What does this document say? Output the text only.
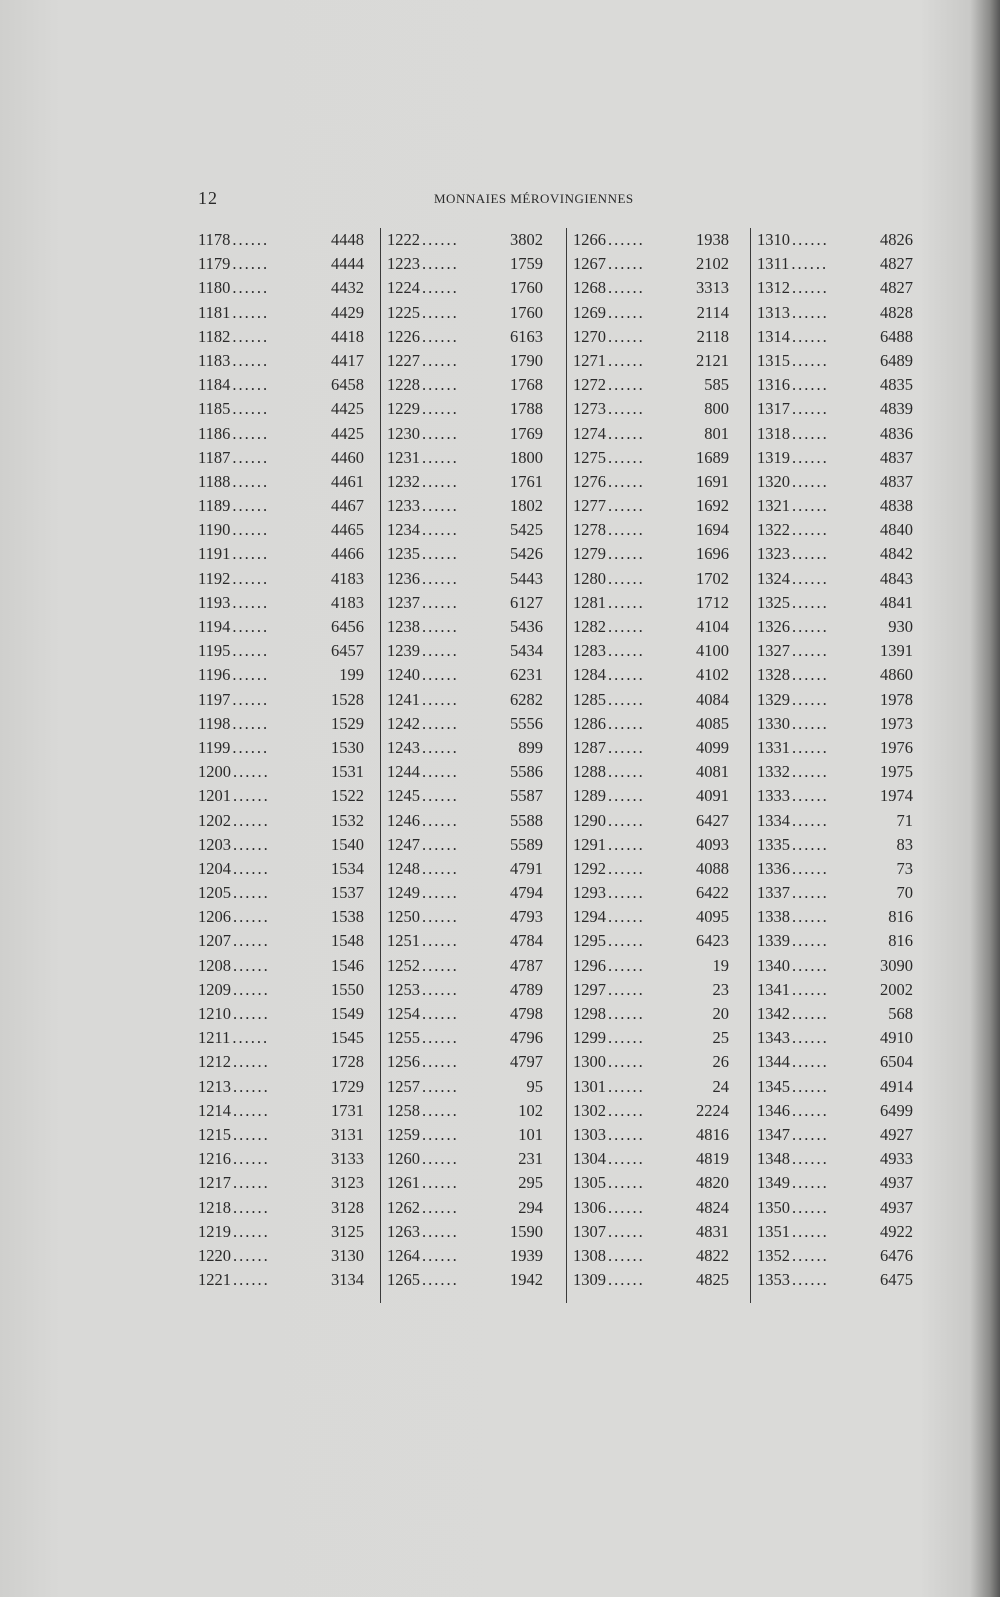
12	MONNAIES MÉROVINGIENNES
1178 ......	4448
1179 ......	4444
1180 ......	4432
1181 ......	4429
1182 ......	4418
1183 ......	4417
1184 ......	6458
1185 ......	4425
1186 ......	4425
1187 ......	4460
1188 ......	4461
1189 ......	4467
1190 ......	4465
1191 ......	4466
1192 ......	4183
1193 ......	4183
1194 ......	6456
1195 ......	6457
1196 ......	199
1197 ......	1528
1198 ......	1529
1199 ......	1530
1200 ......	1531
1201 ......	1522
1202 ......	1532
1203 ......	1540
1204 ......	1534
1205 ......	1537
1206 ......	1538
1207 ......	1548
1208 ......	1546
1209 ......	1550
1210 ......	1549
1211 ......	1545
1212 ......	1728
1213 ......	1729
1214 ......	1731
1215 ......	3131
1216 ......	3133
1217 ......	3123
1218 ......	3128
1219 ......	3125
1220 ......	3130
1221 ......	3134
1222 ......	3802
1223 ......	1759
1224 ......	1760
1225 ......	1760
1226 ......	6163
1227 ......	1790
1228 ......	1768
1229 ......	1788
1230 ......	1769
1231 ......	1800
1232 ......	1761
1233 ......	1802
1234 ......	5425
1235 ......	5426
1236 ......	5443
1237 ......	6127
1238 ......	5436
1239 ......	5434
1240 ......	6231
1241 ......	6282
1242 ......	5556
1243 ......	899
1244 ......	5586
1245 ......	5587
1246 ......	5588
1247 ......	5589
1248 ......	4791
1249 ......	4794
1250 ......	4793
1251 ......	4784
1252 ......	4787
1253 ......	4789
1254 ......	4798
1255 ......	4796
1256 ......	4797
1257 ......	95
1258 ......	102
1259 ......	101
1260 ......	231
1261 ......	295
1262 ......	294
1263 ......	1590
1264 ......	1939
1265 ......	1942
1266 ......	1938
1267 ......	2102
1268 ......	3313
1269 ......	2114
1270 ......	2118
1271 ......	2121
1272 ......	585
1273 ......	800
1274 ......	801
1275 ......	1689
1276 ......	1691
1277 ......	1692
1278 ......	1694
1279 ......	1696
1280 ......	1702
1281 ......	1712
1282 ......	4104
1283 ......	4100
1284 ......	4102
1285 ......	4084
1286 ......	4085
1287 ......	4099
1288 ......	4081
1289 ......	4091
1290 ......	6427
1291 ......	4093
1292 ......	4088
1293 ......	6422
1294 ......	4095
1295 ......	6423
1296 ......	19
1297 ......	23
1298 ......	20
1299 ......	25
1300 ......	26
1301 ......	24
1302 ......	2224
1303 ......	4816
1304 ......	4819
1305 ......	4820
1306 ......	4824
1307 ......	4831
1308 ......	4822
1309 ......	4825
1310 ......	4826
1311 ......	4827
1312 ......	4827
1313 ......	4828
1314 ......	6488
1315 ......	6489
1316 ......	4835
1317 ......	4839
1318 ......	4836
1319 ......	4837
1320 ......	4837
1321 ......	4838
1322 ......	4840
1323 ......	4842
1324 ......	4843
1325 ......	4841
1326 ......	930
1327 ......	1391
1328 ......	4860
1329 ......	1978
1330 ......	1973
1331 ......	1976
1332 ......	1975
1333 ......	1974
1334 ......	71
1335 ......	83
1336 ......	73
1337 ......	70
1338 ......	816
1339 ......	816
1340 ......	3090
1341 ......	2002
1342 ......	568
1343 ......	4910
1344 ......	6504
1345 ......	4914
1346 ......	6499
1347 ......	4927
1348 ......	4933
1349 ......	4937
1350 ......	4937
1351 ......	4922
1352 ......	6476
1353 ......	6475
